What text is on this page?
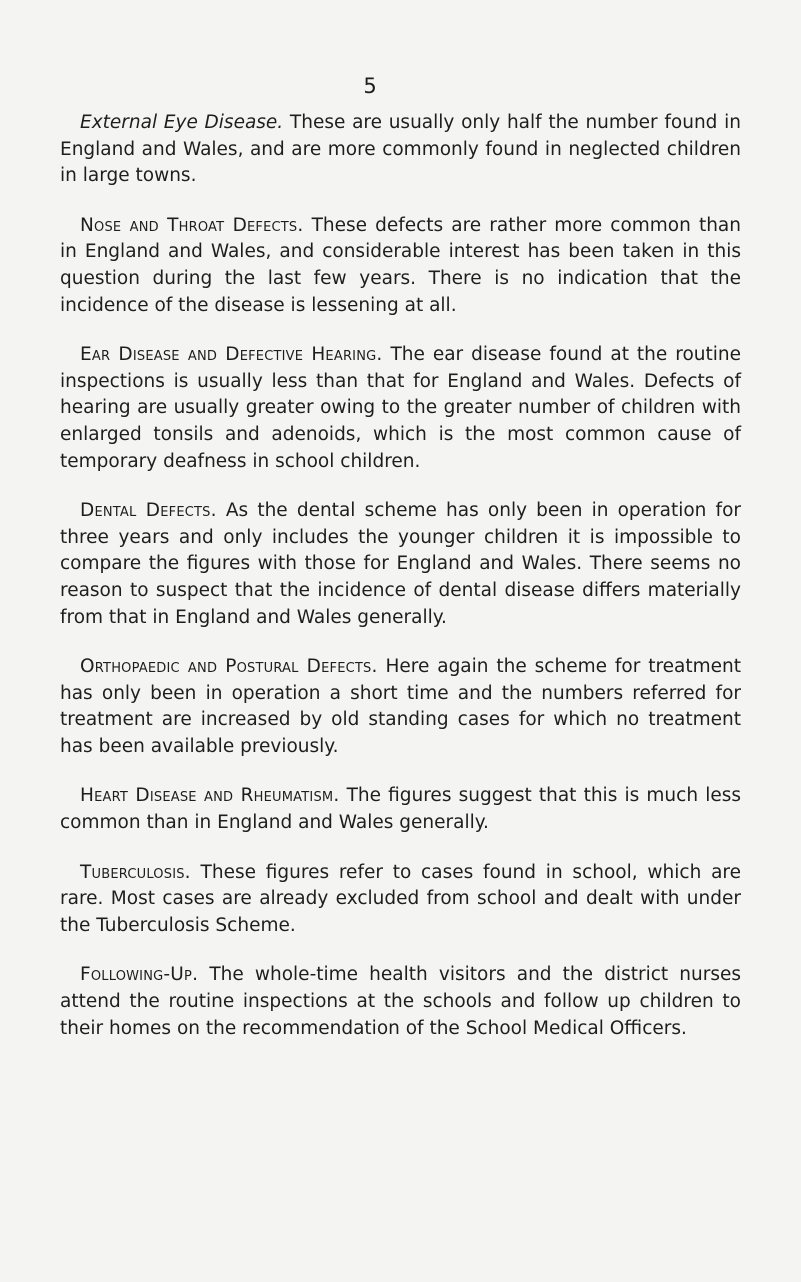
5

External Eye Disease. These are usually only half the number found in England and Wales, and are more commonly found in neglected children in large towns.

Nose and Throat Defects. These defects are rather more common than in England and Wales, and considerable interest has been taken in this question during the last few years. There is no indication that the incidence of the disease is lessening at all.

Ear Disease and Defective Hearing. The ear disease found at the routine inspections is usually less than that for England and Wales. Defects of hearing are usually greater owing to the greater number of children with enlarged tonsils and adenoids, which is the most common cause of temporary deafness in school children.

Dental Defects. As the dental scheme has only been in operation for three years and only includes the younger children it is impossible to compare the figures with those for England and Wales. There seems no reason to suspect that the incidence of dental disease differs materially from that in England and Wales generally.

Orthopaedic and Postural Defects. Here again the scheme for treatment has only been in operation a short time and the numbers referred for treatment are increased by old standing cases for which no treatment has been available previously.

Heart Disease and Rheumatism. The figures suggest that this is much less common than in England and Wales generally.

Tuberculosis. These figures refer to cases found in school, which are rare. Most cases are already excluded from school and dealt with under the Tuberculosis Scheme.

Following-Up. The whole-time health visitors and the district nurses attend the routine inspections at the schools and follow up children to their homes on the recommendation of the School Medical Officers.
